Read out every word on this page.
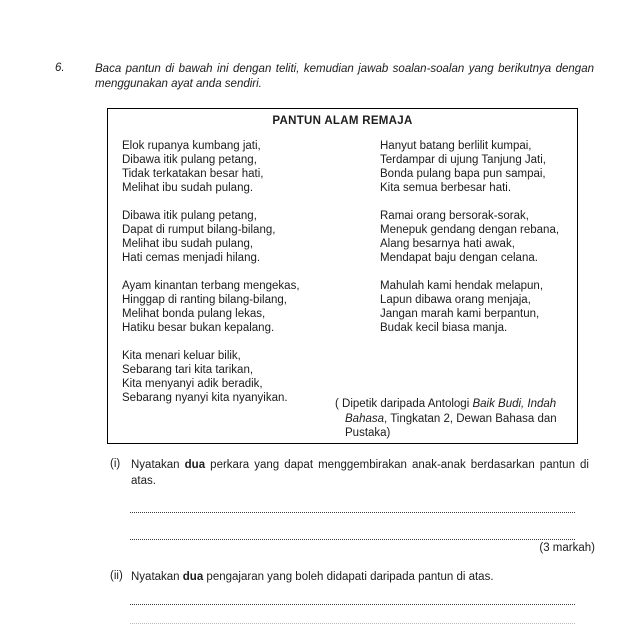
6.	Baca pantun di bawah ini dengan teliti, kemudian jawab soalan-soalan yang berikutnya dengan menggunakan ayat anda sendiri.
PANTUN ALAM REMAJA
Elok rupanya kumbang jati,
Dibawa itik pulang petang,
Tidak terkatakan besar hati,
Melihat ibu sudah pulang.
Dibawa itik pulang petang,
Dapat di rumput bilang-bilang,
Melihat ibu sudah pulang,
Hati cemas menjadi hilang.
Ayam kinantan terbang mengekas,
Hinggap di ranting bilang-bilang,
Melihat bonda pulang lekas,
Hatiku besar bukan kepalang.
Kita menari keluar bilik,
Sebarang tari kita tarikan,
Kita menyanyi adik beradik,
Sebarang nyanyi kita nyanyikan.
Hanyut batang berlilit kumpai,
Terdampar di ujung Tanjung Jati,
Bonda pulang bapa pun sampai,
Kita semua berbesar hati.
Ramai orang bersorak-sorak,
Menepuk gendang dengan rebana,
Alang besarnya hati awak,
Mendapat baju dengan celana.
Mahulah kami hendak melapun,
Lapun dibawa orang menjaja,
Jangan marah kami berpantun,
Budak kecil biasa manja.
( Dipetik daripada Antologi Baik Budi, Indah Bahasa, Tingkatan 2, Dewan Bahasa dan Pustaka)
(i) Nyatakan dua perkara yang dapat menggembirakan anak-anak berdasarkan pantun di atas.
(3 markah)
(ii) Nyatakan dua pengajaran yang boleh didapati daripada pantun di atas.
